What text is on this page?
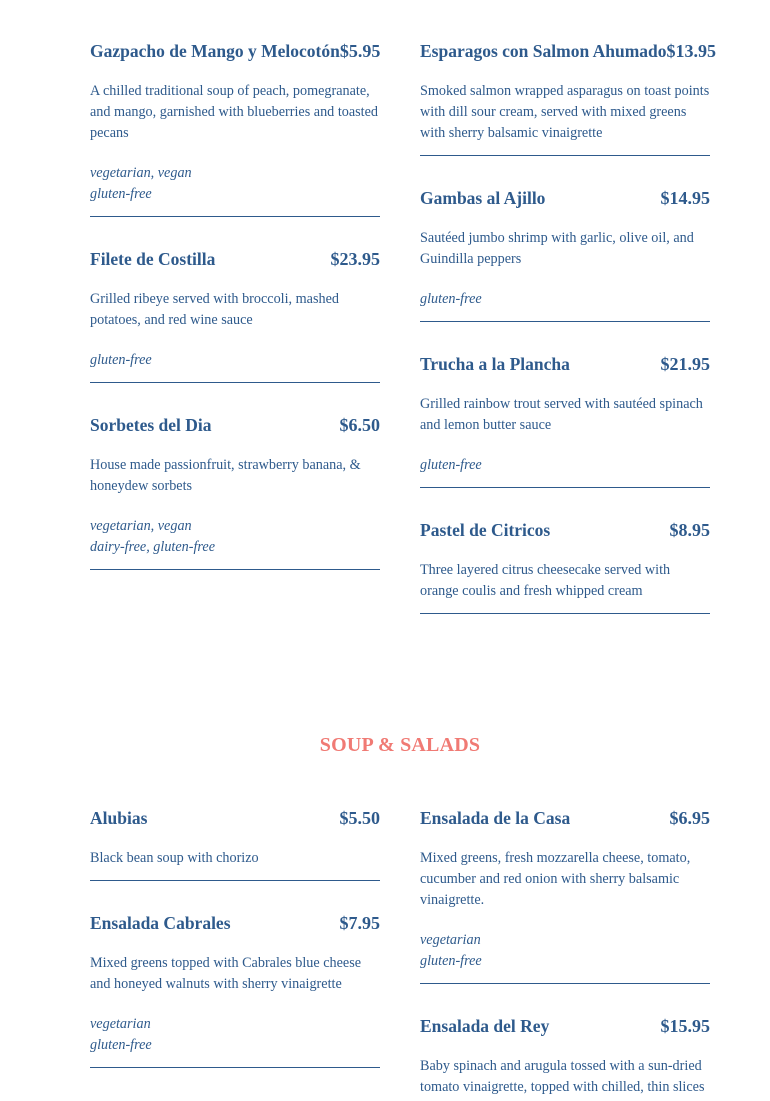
Gazpacho de Mango y Melocotón $5.95
A chilled traditional soup of peach, pomegranate, and mango, garnished with blueberries and toasted pecans
vegetarian, vegan
gluten-free
Filete de Costilla	$23.95
Grilled ribeye served with broccoli, mashed potatoes, and red wine sauce
gluten-free
Sorbetes del Dia	$6.50
House made passionfruit, strawberry banana, & honeydew sorbets
vegetarian, vegan
dairy-free, gluten-free
Esparagos con Salmon Ahumado $13.95
Smoked salmon wrapped asparagus on toast points with dill sour cream, served with mixed greens with sherry balsamic vinaigrette
Gambas al Ajillo	$14.95
Sautéed jumbo shrimp with garlic, olive oil, and Guindilla peppers
gluten-free
Trucha a la Plancha	$21.95
Grilled rainbow trout served with sautéed spinach and lemon butter sauce
gluten-free
Pastel de Citricos	$8.95
Three layered citrus cheesecake served with orange coulis and fresh whipped cream
SOUP & SALADS
Alubias	$5.50
Black bean soup with chorizo
Ensalada Cabrales	$7.95
Mixed greens topped with Cabrales blue cheese and honeyed walnuts with sherry vinaigrette
vegetarian
gluten-free
Ensalada de la Casa	$6.95
Mixed greens, fresh mozzarella cheese, tomato, cucumber and red onion with sherry balsamic vinaigrette.
vegetarian
gluten-free
Ensalada del Rey	$15.95
Baby spinach and arugula tossed with a sun-dried tomato vinaigrette, topped with chilled, thin slices
